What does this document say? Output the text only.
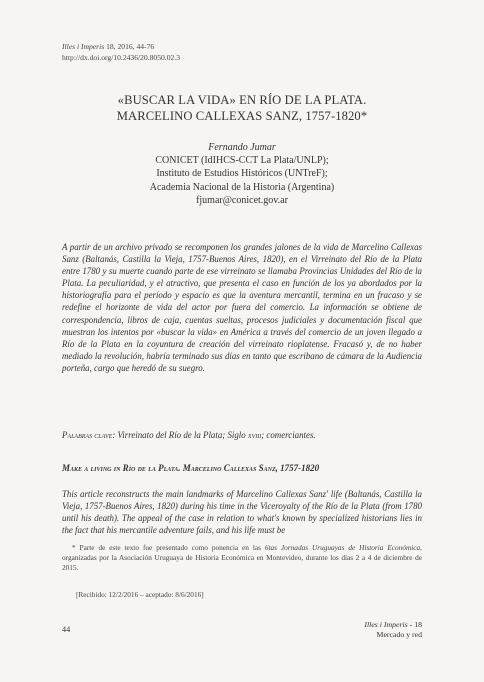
Illes i Imperis 18, 2016, 44-76
http://dx.doi.org/10.2436/20.8050.02.3
«BUSCAR LA VIDA» EN RÍO DE LA PLATA.
MARCELINO CALLEXAS SANZ, 1757-1820*
Fernando Jumar
CONICET (IdIHCS-CCT La Plata/UNLP);
Instituto de Estudios Históricos (UNTreF);
Academia Nacional de la Historia (Argentina)
fjumar@conicet.gov.ar
A partir de un archivo privado se recomponen los grandes jalones de la vida de Marcelino Callexas Sanz (Baltanás, Castilla la Vieja, 1757-Buenos Aires, 1820), en el Virreinato del Río de la Plata entre 1780 y su muerte cuando parte de ese virreinato se llamaba Provincias Unidades del Río de la Plata. La peculiaridad, y el atractivo, que presenta el caso en función de los ya abordados por la historiografía para el período y espacio es que la aventura mercantil, termina en un fracaso y se redefine el horizonte de vida del actor por fuera del comercio. La información se obtiene de correspondencia, libros de caja, cuentas sueltas, procesos judiciales y documentación fiscal que muestran los intentos por «buscar la vida» en América a través del comercio de un joven llegado a Río de la Plata en la coyuntura de creación del virreinato rioplatense. Fracasó y, de no haber mediado la revolución, habría terminado sus días en tanto que escribano de cámara de la Audiencia porteña, cargo que heredó de su suegro.
Palabras clave: Virreinato del Río de la Plata; Siglo xviii; comerciantes.
Make a living in Río de la Plata. Marcelino Callexas Sanz, 1757-1820
This article reconstructs the main landmarks of Marcelino Callexas Sanz' life (Baltanás, Castilla la Vieja, 1757-Buenos Aires, 1820) during his time in the Viceroyalty of the Río de la Plata (from 1780 until his death). The appeal of the case in relation to what's known by specialized historians lies in the fact that his mercantile adventure fails, and his life must be
* Parte de este texto fue presentado como ponencia en las 6tas Jornadas Uruguayas de Historia Económica, organizadas por la Asociación Uruguaya de Historia Económica en Montevideo, durante los días 2 a 4 de diciembre de 2015.
[Recibido: 12/2/2016 – aceptado: 8/6/2016]
44
Illes i Imperis - 18
Mercado y red
